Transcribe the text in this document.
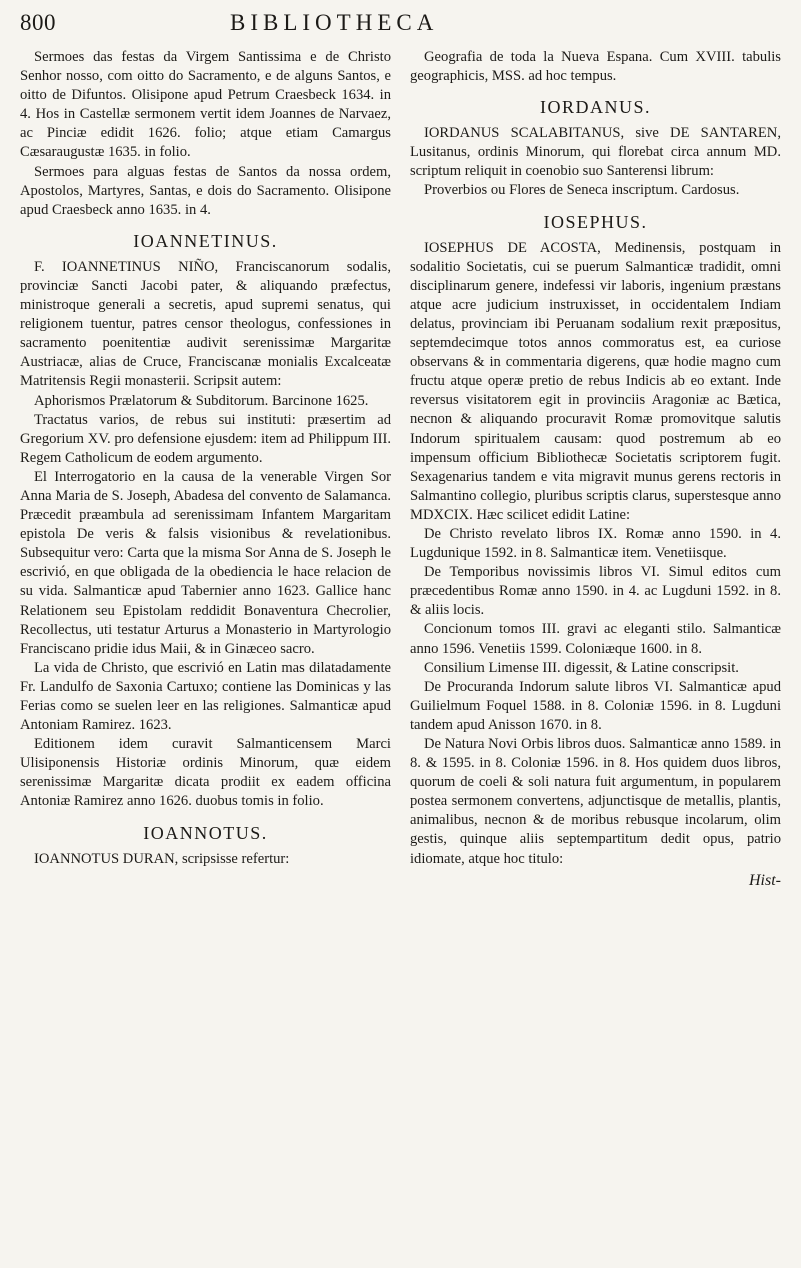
800	BIBLIOTHECA

Sermoes das festas da Virgem Santissima e de Christo Senhor nosso, com oitto do Sacramento, e de alguns Santos, e oitto de Difuntos. Olisipone apud Petrum Craesbeck 1634. in 4. Hos in Castellæ sermonem vertit idem Joannes de Narvaez, ac Pinciæ edidit 1626. folio; atque etiam Camargus Cæsaraugustæ 1635. in folio.

Sermoes para alguas festas de Santos da nossa ordem, Apostolos, Martyres, Santas, e dois do Sacramento. Olisipone apud Craesbeck anno 1635. in 4.

IOANNETINUS.

F. IOANNETINUS NIÑO, Franciscanorum sodalis, provinciæ Sancti Jacobi pater, & aliquando præfectus, ministroque generali a secretis, apud supremi senatus, qui religionem tuentur, patres censor theologus, confessiones in sacramento poenitentiæ audivit serenissimæ Margaritæ Austriacæ, alias de Cruce, Franciscanæ monialis Excalceatæ Matritensis Regii monasterii. Scripsit autem:

Aphorismos Prælatorum & Subditorum. Barcinone 1625.

Tractatus varios, de rebus sui instituti: præsertim ad Gregorium XV. pro defensione ejusdem: item ad Philippum III. Regem Catholicum de eodem argumento.

El Interrogatorio en la causa de la venerable Virgen Sor Anna Maria de S. Joseph, Abadesa del convento de Salamanca. Præcedit præambula ad serenissimam Infantem Margaritam epistola De veris & falsis visionibus & revelationibus. Subsequitur vero: Carta que la misma Sor Anna de S. Joseph le escrivió, en que obligada de la obediencia le hace relacion de su vida. Salmanticæ apud Tabernier anno 1623. Gallice hanc Relationem seu Epistolam reddidit Bonaventura Checrolier, Recollectus, uti testatur Arturus a Monasterio in Martyrologio Franciscano pridie idus Maii, & in Ginæceo sacro.

La vida de Christo, que escrivió en Latin mas dilatadamente Fr. Landulfo de Saxonia Cartuxo; contiene las Dominicas y las Ferias como se suelen leer en las religiones. Salmanticæ apud Antoniam Ramirez. 1623.

Editionem idem curavit Salmanticensem Marci Ulisiponensis Historiæ ordinis Minorum, quæ eidem serenissimæ Margaritæ dicata prodiit ex eadem officina Antoniæ Ramirez anno 1626. duobus tomis in folio.

IOANNOTUS.

IOANNOTUS DURAN, scripsisse refertur:

Geografia de toda la Nueva Espana. Cum XVIII. tabulis geographicis, MSS. ad hoc tempus.

IORDANUS.

IORDANUS SCALABITANUS, sive DE SANTAREN, Lusitanus, ordinis Minorum, qui florebat circa annum MD. scriptum reliquit in coenobio suo Santerensi librum:

Proverbios ou Flores de Seneca inscriptum. Cardosus.

IOSEPHUS.

IOSEPHUS DE ACOSTA, Medinensis, postquam in sodalitio Societatis, cui se puerum Salmanticæ tradidit, omni disciplinarum genere, indefessi vir laboris, ingenium præstans atque acre judicium instruxisset, in occidentalem Indiam delatus, provinciam ibi Peruanam sodalium rexit præpositus, septemdecimque totos annos commoratus est, ea curiose observans & in commentaria digerens, quæ hodie magno cum fructu atque operæ pretio de rebus Indicis ab eo extant. Inde reversus visitatorem egit in provinciis Aragoniæ ac Bætica, necnon & aliquando procuravit Romæ promovitque salutis Indorum spiritualem causam: quod postremum ab eo impensum officium Bibliothecæ Societatis scriptorem fugit. Sexagenarius tandem e vita migravit munus gerens rectoris in Salmantino collegio, pluribus scriptis clarus, superstesque anno MDXCIX. Hæc scilicet edidit Latine:

De Christo revelato libros IX. Romæ anno 1590. in 4. Lugdunique 1592. in 8. Salmanticæ item. Venetiisque.

De Temporibus novissimis libros VI. Simul editos cum præcedentibus Romæ anno 1590. in 4. ac Lugduni 1592. in 8. & aliis locis.

Concionum tomos III. gravi ac eleganti stilo. Salmanticæ anno 1596. Venetiis 1599. Coloniæque 1600. in 8.

Consilium Limense III. digessit, & Latine conscripsit.

De Procuranda Indorum salute libros VI. Salmanticæ apud Guilielmum Foquel 1588. in 8. Coloniæ 1596. in 8. Lugduni tandem apud Anisson 1670. in 8.

De Natura Novi Orbis libros duos. Salmanticæ anno 1589. in 8. & 1595. in 8. Coloniæ 1596. in 8. Hos quidem duos libros, quorum de coeli & soli natura fuit argumentum, in popularem postea sermonem convertens, adjunctisque de metallis, plantis, animalibus, necnon & de moribus rebusque incolarum, olim gestis, quinque aliis septempartitum dedit opus, patrio idiomate, atque hoc titulo:

Hist-
